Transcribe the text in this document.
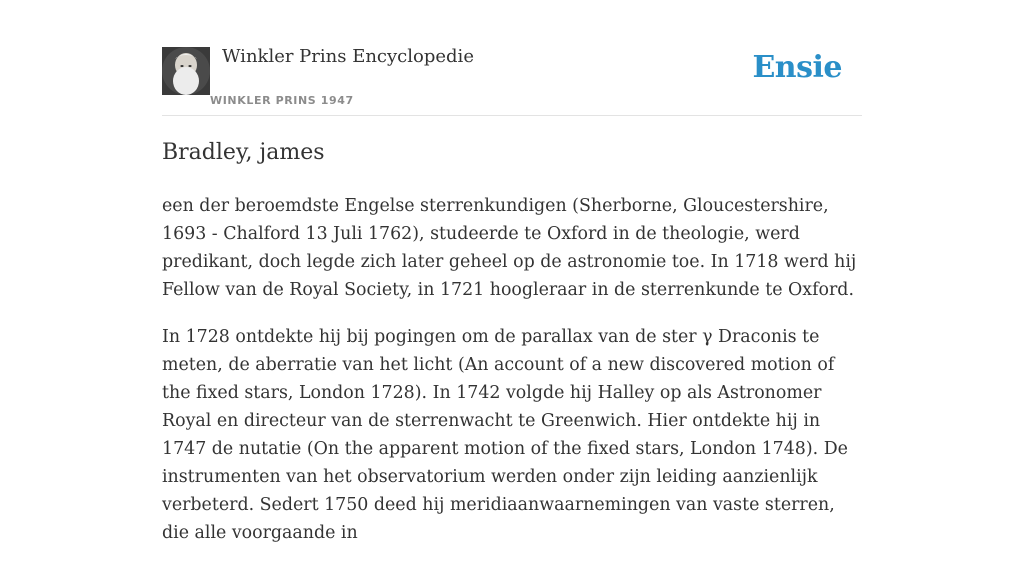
Winkler Prins Encyclopedie
WINKLER PRINS 1947
Ensie
Bradley, james

een der beroemdste Engelse sterrenkundigen (Sherborne, Gloucestershire, 1693 - Chalford 13 Juli 1762), studeerde te Oxford in de theologie, werd predikant, doch legde zich later geheel op de astronomie toe. In 1718 werd hij Fellow van de Royal Society, in 1721 hoogleraar in de sterrenkunde te Oxford.

In 1728 ontdekte hij bij pogingen om de parallax van de ster γ Draconis te meten, de aberratie van het licht (An account of a new discovered motion of the fixed stars, London 1728). In 1742 volgde hij Halley op als Astronomer Royal en directeur van de sterrenwacht te Greenwich. Hier ontdekte hij in 1747 de nutatie (On the apparent motion of the fixed stars, London 1748). De instrumenten van het observatorium werden onder zijn leiding aanzienlijk verbeterd. Sedert 1750 deed hij meridiaanwaarnemingen van vaste sterren, die alle voorgaande in
